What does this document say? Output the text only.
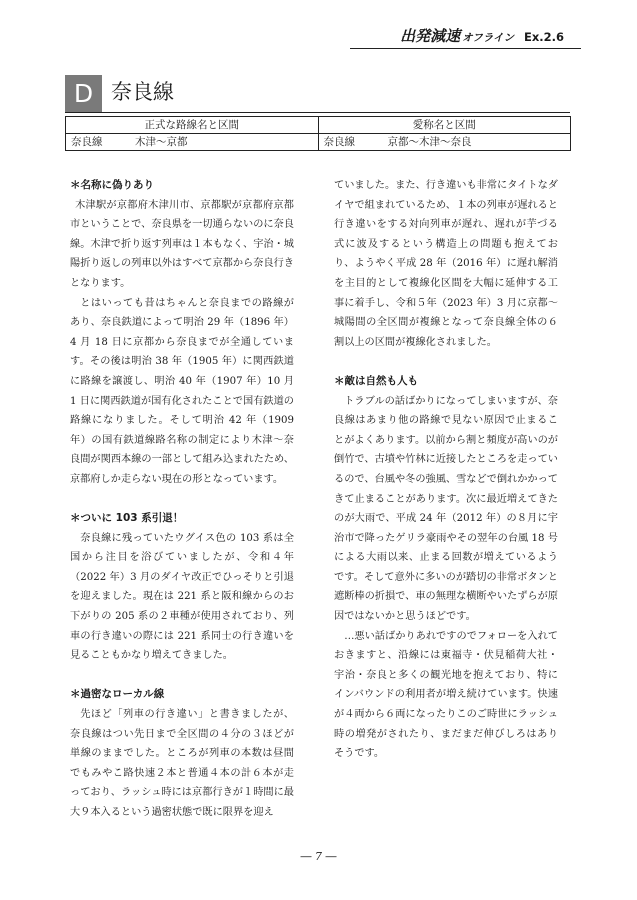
出発減速 オフライン Ex.2.6
D 奈良線
正式な路線名と区間	愛称名と区間
奈良線 木津〜京都	奈良線 京都〜木津〜奈良
＊名称に偽りあり

木津駅が京都府木津川市、京都駅が京都府京都市ということで、奈良県を一切通らないのに奈良線。木津で折り返す列車は１本もなく、宇治・城陽折り返しの列車以外はすべて京都から奈良行きとなります。

とはいっても昔はちゃんと奈良までの路線があり、奈良鉄道によって明治 29 年（1896 年）4 月 18 日に京都から奈良までが全通しています。その後は明治 38 年（1905 年）に関西鉄道に路線を譲渡し、明治 40 年（1907 年）10 月 1 日に関西鉄道が国有化されたことで国有鉄道の路線になりました。そして明治 42 年（1909 年）の国有鉄道線路名称の制定により木津〜奈良間が関西本線の一部として組み込まれたため、京都府しか走らない現在の形となっています。

＊ついに 103 系引退！

奈良線に残っていたウグイス色の 103 系は全国から注目を浴びていましたが、令和４年（2022 年）3 月のダイヤ改正でひっそりと引退を迎えました。現在は 221 系と阪和線からのお下がりの 205 系の２車種が使用されており、列車の行き違いの際には 221 系同士の行き違いを見ることもかなり増えてきました。

＊過密なローカル線

先ほど「列車の行き違い」と書きましたが、奈良線はつい先日まで全区間の４分の３ほどが単線のままでした。ところが列車の本数は昼間でもみやこ路快速２本と普通４本の計６本が走っており、ラッシュ時には京都行きが１時間に最大９本入るという過密状態で既に限界を迎え

ていました。また、行き違いも非常にタイトなダイヤで組まれているため、１本の列車が遅れると行き違いをする対向列車が遅れ、遅れが芋づる式に波及するという構造上の問題も抱えており、ようやく平成 28 年（2016 年）に遅れ解消を主目的として複線化区間を大幅に延伸する工事に着手し、令和５年（2023 年）3 月に京都〜城陽間の全区間が複線となって奈良線全体の６割以上の区間が複線化されました。

＊敵は自然も人も

トラブルの話ばかりになってしまいますが、奈良線はあまり他の路線で見ない原因で止まることがよくあります。以前から割と頻度が高いのが倒竹で、古墳や竹林に近接したところを走っているので、台風や冬の強風、雪などで倒れかかってきて止まることがあります。次に最近増えてきたのが大雨で、平成 24 年（2012 年）の８月に宇治市で降ったゲリラ豪雨やその翌年の台風 18 号による大雨以来、止まる回数が増えているようです。そして意外に多いのが踏切の非常ボタンと遮断棒の折損で、車の無理な横断やいたずらが原因ではないかと思うほどです。

…悪い話ばかりあれですのでフォローを入れておきますと、沿線には東福寺・伏見稲荷大社・宇治・奈良と多くの観光地を抱えており、特にインバウンドの利用者が増え続けています。快速が４両から６両になったりこのご時世にラッシュ時の増発がされたり、まだまだ伸びしろはありそうです。

― 7 ―
